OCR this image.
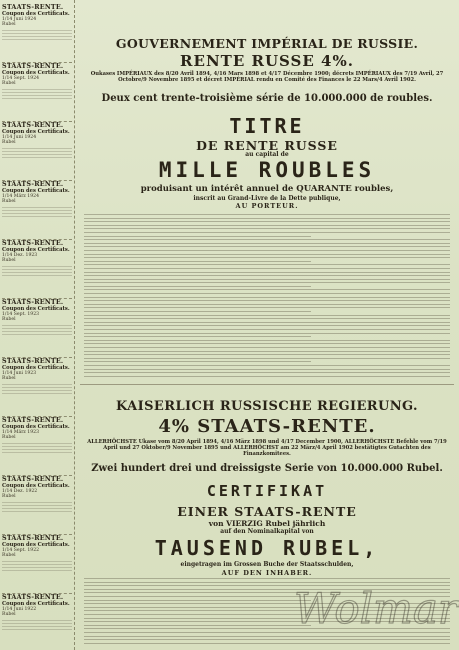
STAATS-RENTE.
Coupon des Certificats.
1/14 Juni 1924
Rubel
STAATS-RENTE.
Coupon des Certificats.
1/14 Sept. 1924
Rubel
STAATS-RENTE.
Coupon des Certificats.
1/14 Juni 1924
Rubel
STAATS-RENTE.
Coupon des Certificats.
1/14 März 1924
Rubel
STAATS-RENTE.
Coupon des Certificats.
1/14 Dez. 1923
Rubel
STAATS-RENTE.
Coupon des Certificats.
1/14 Sept. 1923
Rubel
STAATS-RENTE.
Coupon des Certificats.
1/14 Juni 1923
Rubel
STAATS-RENTE.
Coupon des Certificats.
1/14 März 1923
Rubel
STAATS-RENTE.
Coupon des Certificats.
1/14 Dez. 1922
Rubel
STAATS-RENTE.
Coupon des Certificats.
1/14 Sept. 1922
Rubel
STAATS-RENTE.
Coupon des Certificats.
1/14 Juni 1922
Rubel
GOUVERNEMENT IMPÉRIAL DE RUSSIE.
RENTE RUSSE 4%.
Oukases IMPÉRIAUX des 8/20 Avril 1894, 4/16 Mars 1898 et 4/17 Décembre 1900; décrets IMPÉRIAUX des 7/19 Avril, 27 Octobre/9 Novembre 1895 et décret IMPÉRIAL rendu en Comité des Finances le 22 Mars/4 Avril 1902.
Deux cent trente-troisième série de 10.000.000 de roubles.
TITRE
DE RENTE RUSSE
au capital de
MILLE ROUBLES
produisant un intérêt annuel de QUARANTE roubles,
inscrit au Grand-Livre de la Dette publique,
AU PORTEUR.
KAISERLICH RUSSISCHE REGIERUNG.
4% STAATS-RENTE.
ALLERHÖCHSTE Ukase vom 8/20 April 1894, 4/16 März 1898 und 4/17 December 1900, ALLERHÖCHSTE Befehle vom 7/19 April und 27 Oktober/9 November 1895 und ALLERHÖCHST am 22 März/4 April 1902 bestätigtes Gutachten des Finanzkomitees.
Zwei hundert drei und dreissigste Serie von 10.000.000 Rubel.
CERTIFIKAT
EINER STAATS-RENTE
von VIERZIG Rubel jährlich
auf den Nominalkapital von
TAUSEND RUBEL,
eingetragen im Grossen Buche der Staatsschulden,
AUF DEN INHABER.
Wolmar
